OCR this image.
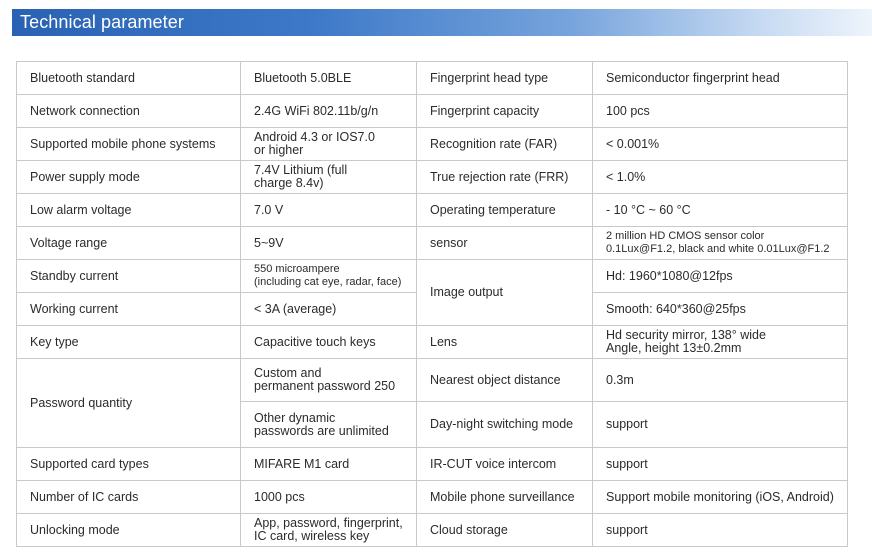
Technical parameter
Bluetooth standard	Bluetooth 5.0BLE	Fingerprint head type	Semiconductor fingerprint head
Network connection	2.4G WiFi 802.11b/g/n	Fingerprint capacity	100 pcs
Supported mobile phone systems	Android 4.3 or IOS7.0
or higher	Recognition rate (FAR)	< 0.001%
Power supply mode	7.4V Lithium (full
charge 8.4v)	True rejection rate (FRR)	< 1.0%
Low alarm voltage	7.0 V	Operating temperature	- 10 °C ~ 60 °C
Voltage range	5~9V	sensor	2 million HD CMOS sensor color
0.1Lux@F1.2, black and white 0.01Lux@F1.2

Standby current	550 microampere
(including cat eye, radar, face)	Image output	Hd: 1960*1080@12fps
Working current	< 3A (average)		Smooth: 640*360@25fps
Key type	Capacitive touch keys	Lens	Hd security mirror, 138° wide
Angle, height 13±0.2mm

Password quantity	Custom and
permanent password 250	Nearest object distance	0.3m

	Other dynamic
passwords are unlimited	Day-night switching mode	support
Supported card types	MIFARE M1 card	IR-CUT voice intercom	support
Number of IC cards	1000 pcs	Mobile phone surveillance	Support mobile monitoring (iOS, Android)
Unlocking mode	App, password, fingerprint,
IC card, wireless key	Cloud storage	support
